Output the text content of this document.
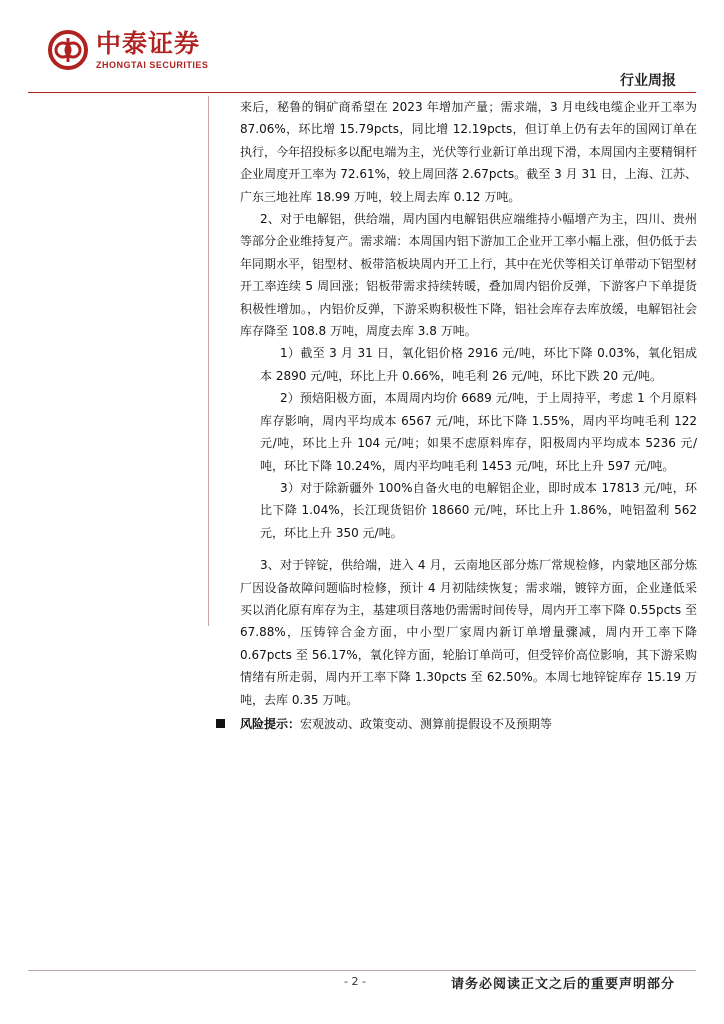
中泰证券
ZHONGTAI SECURITIES
行业周报

来后，秘鲁的铜矿商希望在 2023 年增加产量；需求端，3 月电线电缆企业开工率为 87.06%，环比增 15.79pcts，同比增 12.19pcts，但订单上仍有去年的国网订单在执行，今年招投标多以配电端为主，光伏等行业新订单出现下滑，本周国内主要精铜杆企业周度开工率为 72.61%，较上周回落 2.67pcts。截至 3 月 31 日，上海、江苏、广东三地社库 18.99 万吨，较上周去库 0.12 万吨。

2、对于电解铝，供给端，周内国内电解铝供应端维持小幅增产为主，四川、贵州等部分企业维持复产。需求端：本周国内铝下游加工企业开工率小幅上涨，但仍低于去年同期水平，铝型材、板带箔板块周内开工上行，其中在光伏等相关订单带动下铝型材开工率连续 5 周回涨；铝板带需求持续转暖，叠加周内铝价反弹，下游客户下单提货积极性增加。，内铝价反弹，下游采购积极性下降，铝社会库存去库放缓，电解铝社会库存降至 108.8 万吨，周度去库 3.8 万吨。

1）截至 3 月 31 日，氧化铝价格 2916 元/吨，环比下降 0.03%，氧化铝成本 2890 元/吨，环比上升 0.66%，吨毛利 26 元/吨，环比下跌 20 元/吨。

2）预焙阳极方面，本周周内均价 6689 元/吨，于上周持平，考虑 1 个月原料库存影响，周内平均成本 6567 元/吨，环比下降 1.55%，周内平均吨毛利 122 元/吨，环比上升 104 元/吨；如果不虑原料库存，阳极周内平均成本 5236 元/吨，环比下降 10.24%，周内平均吨毛利 1453 元/吨，环比上升 597 元/吨。

3）对于除新疆外 100%自备火电的电解铝企业，即时成本 17813 元/吨，环比下降 1.04%，长江现货铝价 18660 元/吨，环比上升 1.86%，吨铝盈利 562 元，环比上升 350 元/吨。

3、对于锌锭，供给端，进入 4 月，云南地区部分炼厂常规检修，内蒙地区部分炼厂因设备故障问题临时检修，预计 4 月初陆续恢复；需求端，镀锌方面，企业逢低采买以消化原有库存为主，基建项目落地仍需需时间传导，周内开工率下降 0.55pcts 至 67.88%，压铸锌合金方面，中小型厂家周内新订单增量骤减，周内开工率下降 0.67pcts 至 56.17%，氧化锌方面，轮胎订单尚可，但受锌价高位影响，其下游采购情绪有所走弱，周内开工率下降 1.30pcts 至 62.50%。本周七地锌锭库存 15.19 万吨，去库 0.35 万吨。

风险提示：宏观波动、政策变动、测算前提假设不及预期等

- 2 -	请务必阅读正文之后的重要声明部分
